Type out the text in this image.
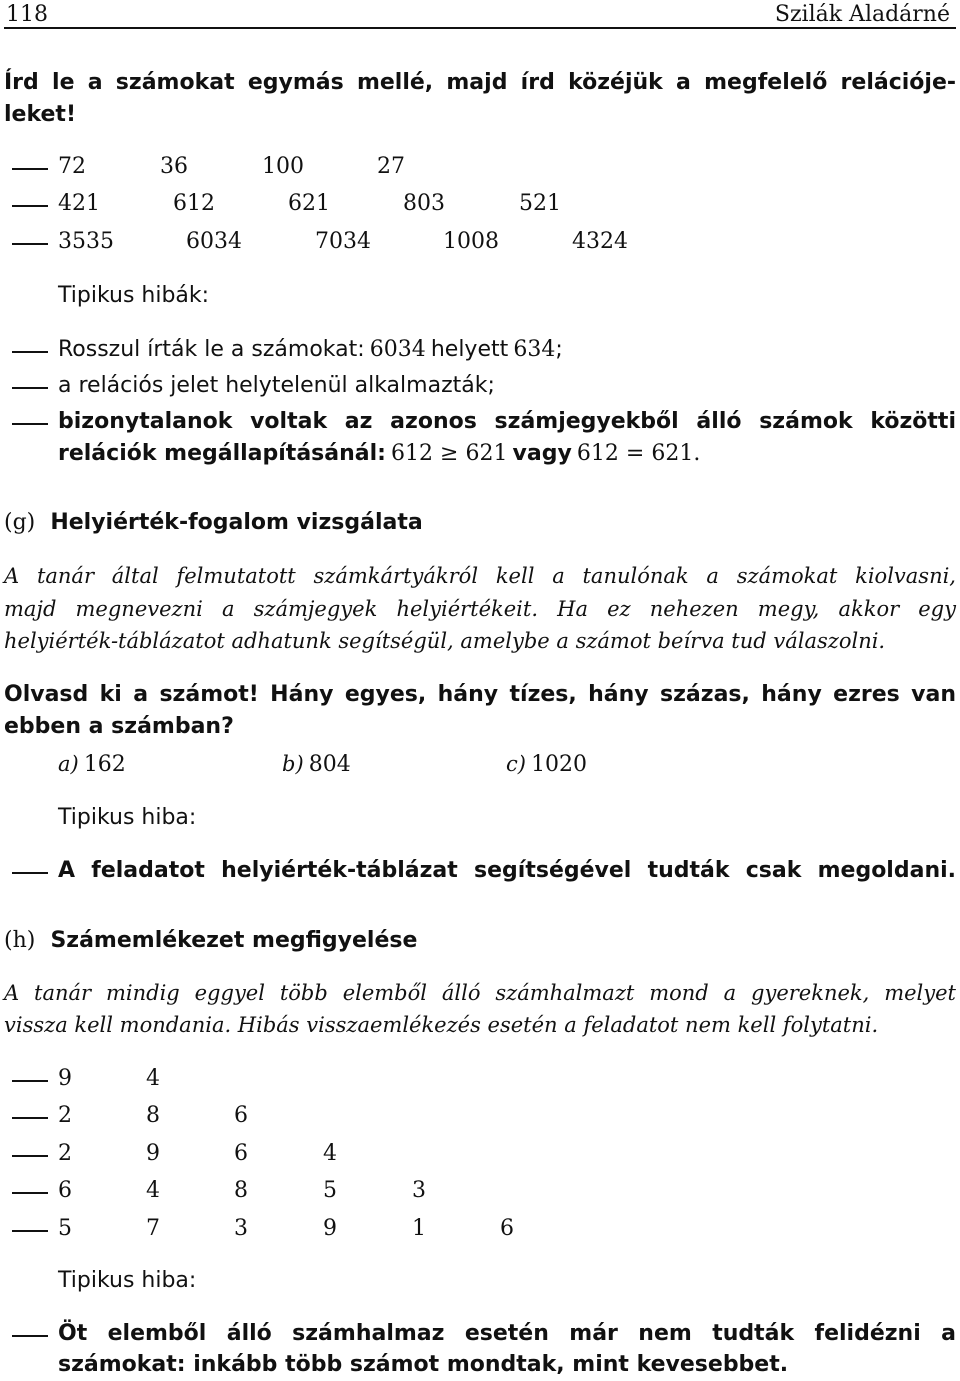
118	Szilák Aladárné
Írd le a számokat egymás mellé, majd írd közéjük a megfelelő relációje-
leket!
72	36	100	27
421	612	621	803	521
3535	6034	7034	1008	4324
Tipikus hibák:
Rosszul írták le a számokat: 6034 helyett 634;
a relációs jelet helytelenül alkalmazták;
bizonytalanok voltak az azonos számjegyekből álló számok közötti
relációk megállapításánál: 612 ≥ 621 vagy 612 = 621.
(g) Helyiérték-fogalom vizsgálata
A tanár által felmutatott számkártyákról kell a tanulónak a számokat kiolvasni,
majd megnevezni a számjegyek helyiértékeit. Ha ez nehezen megy, akkor egy
helyiérték-táblázatot adhatunk segítségül, amelybe a számot beírva tud válaszolni.
Olvasd ki a számot! Hány egyes, hány tízes, hány százas, hány ezres van
ebben a számban?
a) 162	b) 804	c) 1020
Tipikus hiba:
A feladatot helyiérték-táblázat segítségével tudták csak megoldani.
(h) Számemlékezet megfigyelése
A tanár mindig eggyel több elemből álló számhalmazt mond a gyereknek, melyet
vissza kell mondania. Hibás visszaemlékezés esetén a feladatot nem kell folytatni.
9	4
2	8	6
2	9	6	4
6	4	8	5	3
5	7	3	9	1	6
Tipikus hiba:
Öt elemből álló számhalmaz esetén már nem tudták felidézni a
számokat: inkább több számot mondtak, mint kevesebbet.
